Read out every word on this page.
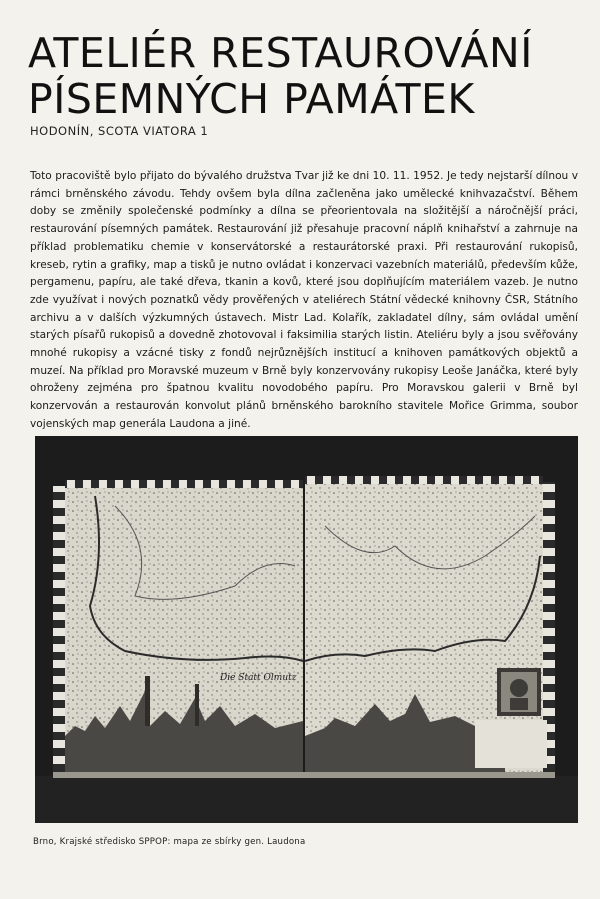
ATELIÉR RESTAUROVÁNÍ
PÍSEMNÝCH PAMÁTEK
HODONÍN, SCOTA VIATORA 1

Toto pracoviště bylo přijato do bývalého družstva Tvar již ke dni 10. 11. 1952. Je tedy nejstarší dílnou v rámci brněnského závodu. Tehdy ovšem byla dílna začleněna jako umělecké knihvazačství. Během doby se změnily společenské podmínky a dílna se přeorientovala na složitější a náročnější práci, restaurování písemných památek. Restaurování již přesahuje pracovní náplň knihařství a zahrnuje na příklad problematiku chemie v konservátorské a restaurátorské praxi. Při restaurování rukopisů, kreseb, rytin a grafiky, map a tisků je nutno ovládat i konzervaci vazebních materiálů, především kůže, pergamenu, papíru, ale také dřeva, tkanin a kovů, které jsou doplňujícím materiálem vazeb. Je nutno zde využívat i nových poznatků vědy prověřených v ateliérech Státní vědecké knihovny ČSR, Státního archivu a v dalších výzkumných ústavech. Mistr Lad. Kolařík, zakladatel dílny, sám ovládal umění starých písařů rukopisů a dovedně zhotovoval i faksimilia starých listin. Ateliéru byly a jsou svěřovány mnohé rukopisy a vzácné tisky z fondů nejrůznějších institucí a knihoven památkových objektů a muzeí. Na příklad pro Moravské muzeum v Brně byly konzervovány rukopisy Leoše Janáčka, které byly ohroženy zejména pro špatnou kvalitu novodobého papíru. Pro Moravskou galerii v Brně byl konzervován a restaurován konvolut plánů brněnského barokního stavitele Mořice Grimma, soubor vojenských map generála Laudona a jiné.

Die Statt Olmutz
Brno, Krajské středisko SPPOP: mapa ze sbírky gen. Laudona
